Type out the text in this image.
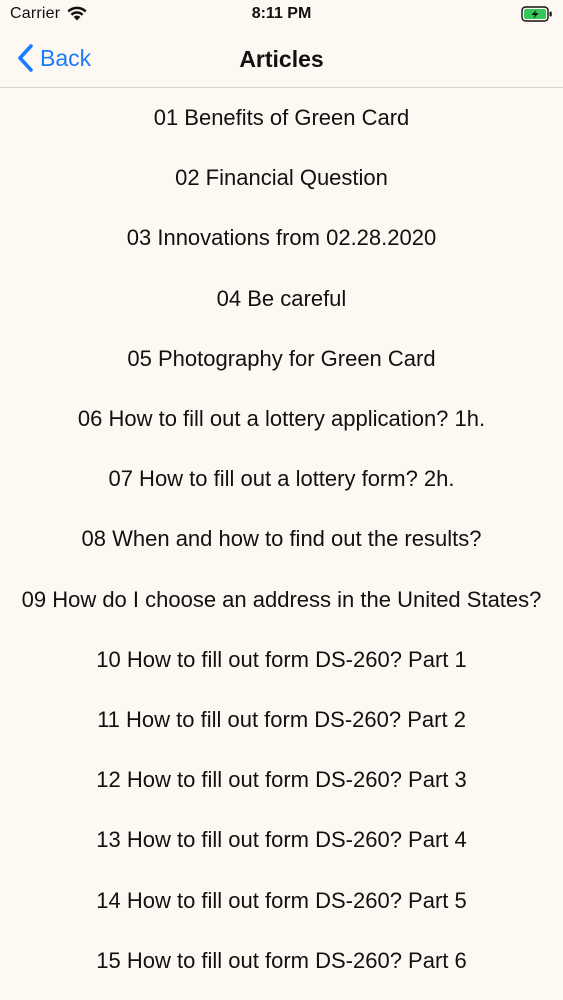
Carrier	8:11 PM
Back	Articles
01 Benefits of Green Card
02 Financial Question
03 Innovations from 02.28.2020
04 Be careful
05 Photography for Green Card
06 How to fill out a lottery application? 1h.
07 How to fill out a lottery form? 2h.
08 When and how to find out the results?
09 How do I choose an address in the United States?
10 How to fill out form DS-260? Part 1
11 How to fill out form DS-260? Part 2
12 How to fill out form DS-260? Part 3
13 How to fill out form DS-260? Part 4
14 How to fill out form DS-260? Part 5
15 How to fill out form DS-260? Part 6
